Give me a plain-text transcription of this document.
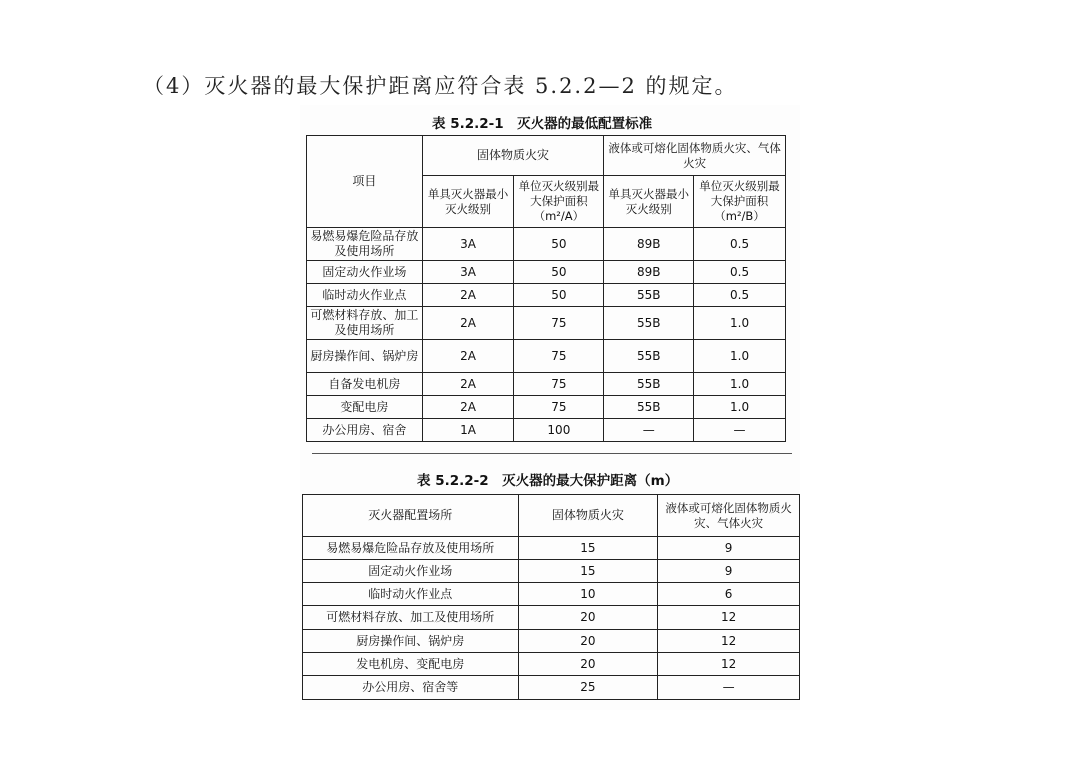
（4）灭火器的最大保护距离应符合表 5.2.2—2 的规定。
表 5.2.2-1　灭火器的最低配置标准
项目	固体物质火灾		液体或可熔化固体物质火灾、气体火灾	
	单具灭火器最小灭火级别	单位灭火级别最大保护面积（m²/A）	单具灭火器最小灭火级别	单位灭火级别最大保护面积（m²/B）
易燃易爆危险品存放及使用场所	3A	50	89B	0.5
固定动火作业场	3A	50	89B	0.5
临时动火作业点	2A	50	55B	0.5
可燃材料存放、加工及使用场所	2A	75	55B	1.0
厨房操作间、锅炉房	2A	75	55B	1.0
自备发电机房	2A	75	55B	1.0
变配电房	2A	75	55B	1.0
办公用房、宿舍	1A	100	—	—
表 5.2.2-2　灭火器的最大保护距离（m）
灭火器配置场所	固体物质火灾	液体或可熔化固体物质火灾、气体火灾
易燃易爆危险品存放及使用场所	15	9
固定动火作业场	15	9
临时动火作业点	10	6
可燃材料存放、加工及使用场所	20	12
厨房操作间、锅炉房	20	12
发电机房、变配电房	20	12
办公用房、宿舍等	25	—
